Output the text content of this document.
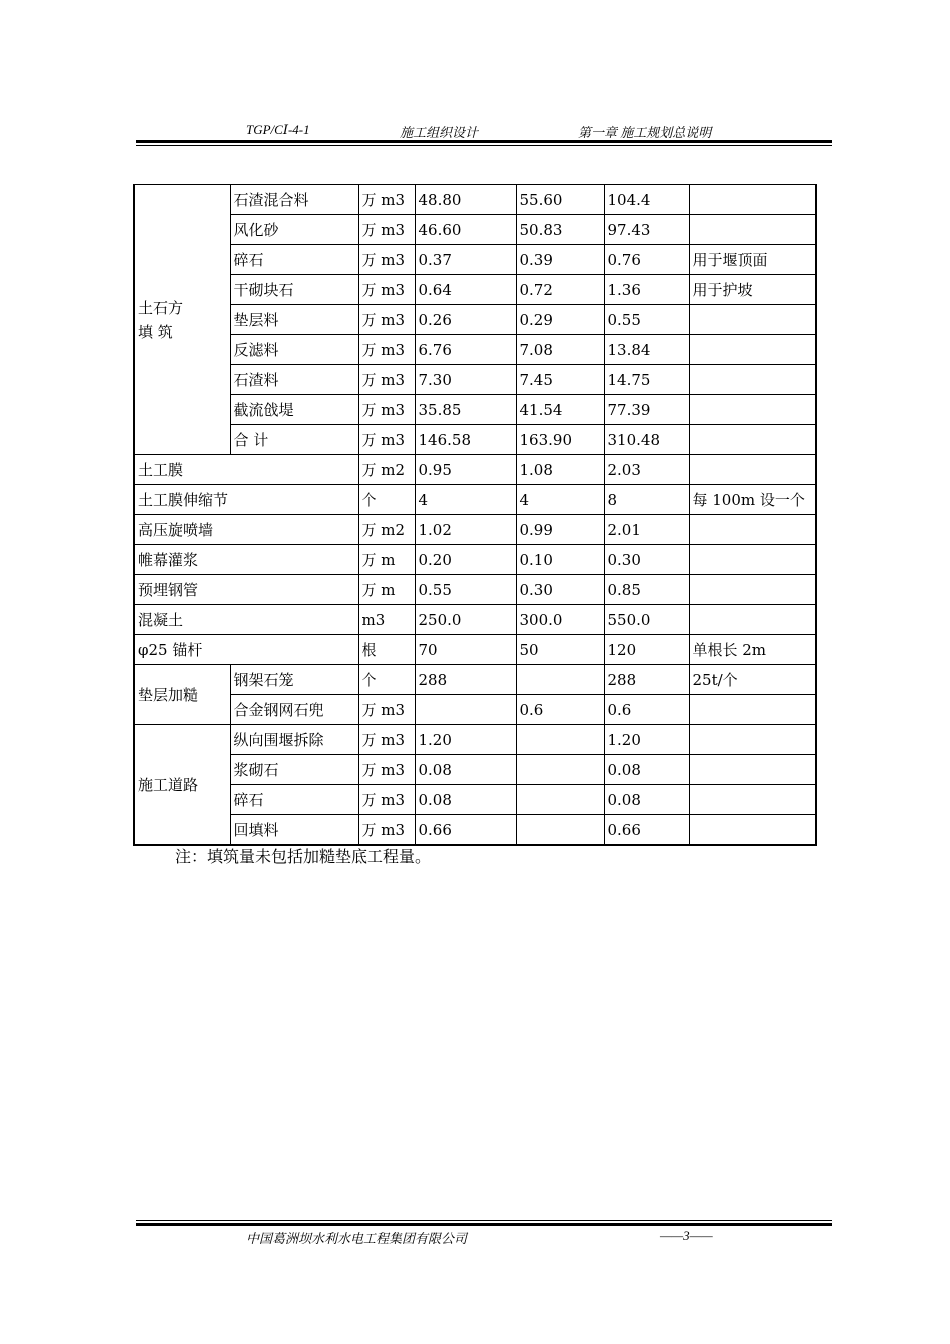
TGP/CⅠ-4-1	施工组织设计	第一章 施工规划总说明
土石方
填 筑	石渣混合料	万 m3	48.80	55.60	104.4	
	风化砂	万 m3	46.60	50.83	97.43	
	碎石	万 m3	0.37	0.39	0.76	用于堰顶面
	干砌块石	万 m3	0.64	0.72	1.36	用于护坡
	垫层料	万 m3	0.26	0.29	0.55	
	反滤料	万 m3	6.76	7.08	13.84	
	石渣料	万 m3	7.30	7.45	14.75	
	截流戗堤	万 m3	35.85	41.54	77.39	
	合 计	万 m3	146.58	163.90	310.48	
土工膜		万 m2	0.95	1.08	2.03	
土工膜伸缩节		个	4	4	8	每 100m 设一个
高压旋喷墙		万 m2	1.02	0.99	2.01	
帷幕灌浆		万 m	0.20	0.10	0.30	
预埋钢管		万 m	0.55	0.30	0.85	
混凝土		m3	250.0	300.0	550.0	
φ25 锚杆		根	70	50	120	单根长 2m

垫层加糙	钢架石笼	个	288		288	25t/个
	合金钢网石兜	万 m3		0.6	0.6	

施工道路	纵向围堰拆除	万 m3	1.20		1.20	
	浆砌石	万 m3	0.08		0.08	
	碎石	万 m3	0.08		0.08	
	回填料	万 m3	0.66		0.66	
注：填筑量未包括加糙垫底工程量。
中国葛洲坝水利水电工程集团有限公司	——3——
